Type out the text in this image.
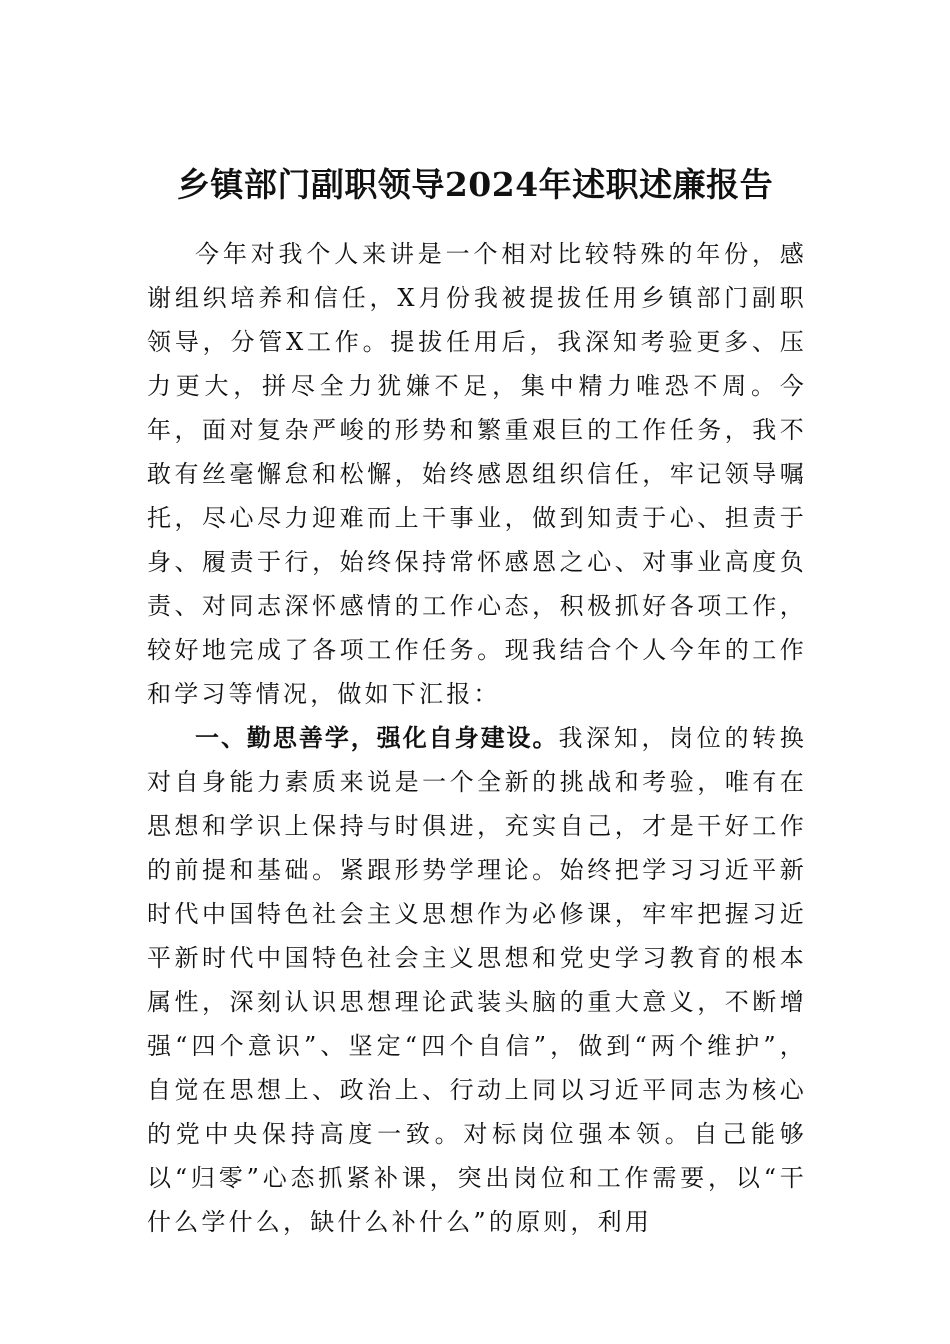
乡镇部门副职领导2024年述职述廉报告

今年对我个人来讲是一个相对比较特殊的年份，感谢组织培养和信任，X月份我被提拔任用乡镇部门副职领导，分管X工作。提拔任用后，我深知考验更多、压力更大，拼尽全力犹嫌不足，集中精力唯恐不周。今年，面对复杂严峻的形势和繁重艰巨的工作任务，我不敢有丝毫懈怠和松懈，始终感恩组织信任，牢记领导嘱托，尽心尽力迎难而上干事业，做到知责于心、担责于身、履责于行，始终保持常怀感恩之心、对事业高度负责、对同志深怀感情的工作心态，积极抓好各项工作，较好地完成了各项工作任务。现我结合个人今年的工作和学习等情况，做如下汇报：

一、勤思善学，强化自身建设。我深知，岗位的转换对自身能力素质来说是一个全新的挑战和考验，唯有在思想和学识上保持与时俱进，充实自己，才是干好工作的前提和基础。紧跟形势学理论。始终把学习习近平新时代中国特色社会主义思想作为必修课，牢牢把握习近平新时代中国特色社会主义思想和党史学习教育的根本属性，深刻认识思想理论武装头脑的重大意义，不断增强“四个意识”、坚定“四个自信”，做到“两个维护”，自觉在思想上、政治上、行动上同以习近平同志为核心的党中央保持高度一致。对标岗位强本领。自己能够以“归零”心态抓紧补课，突出岗位和工作需要，以“干什么学什么，缺什么补什么”的原则，利用
